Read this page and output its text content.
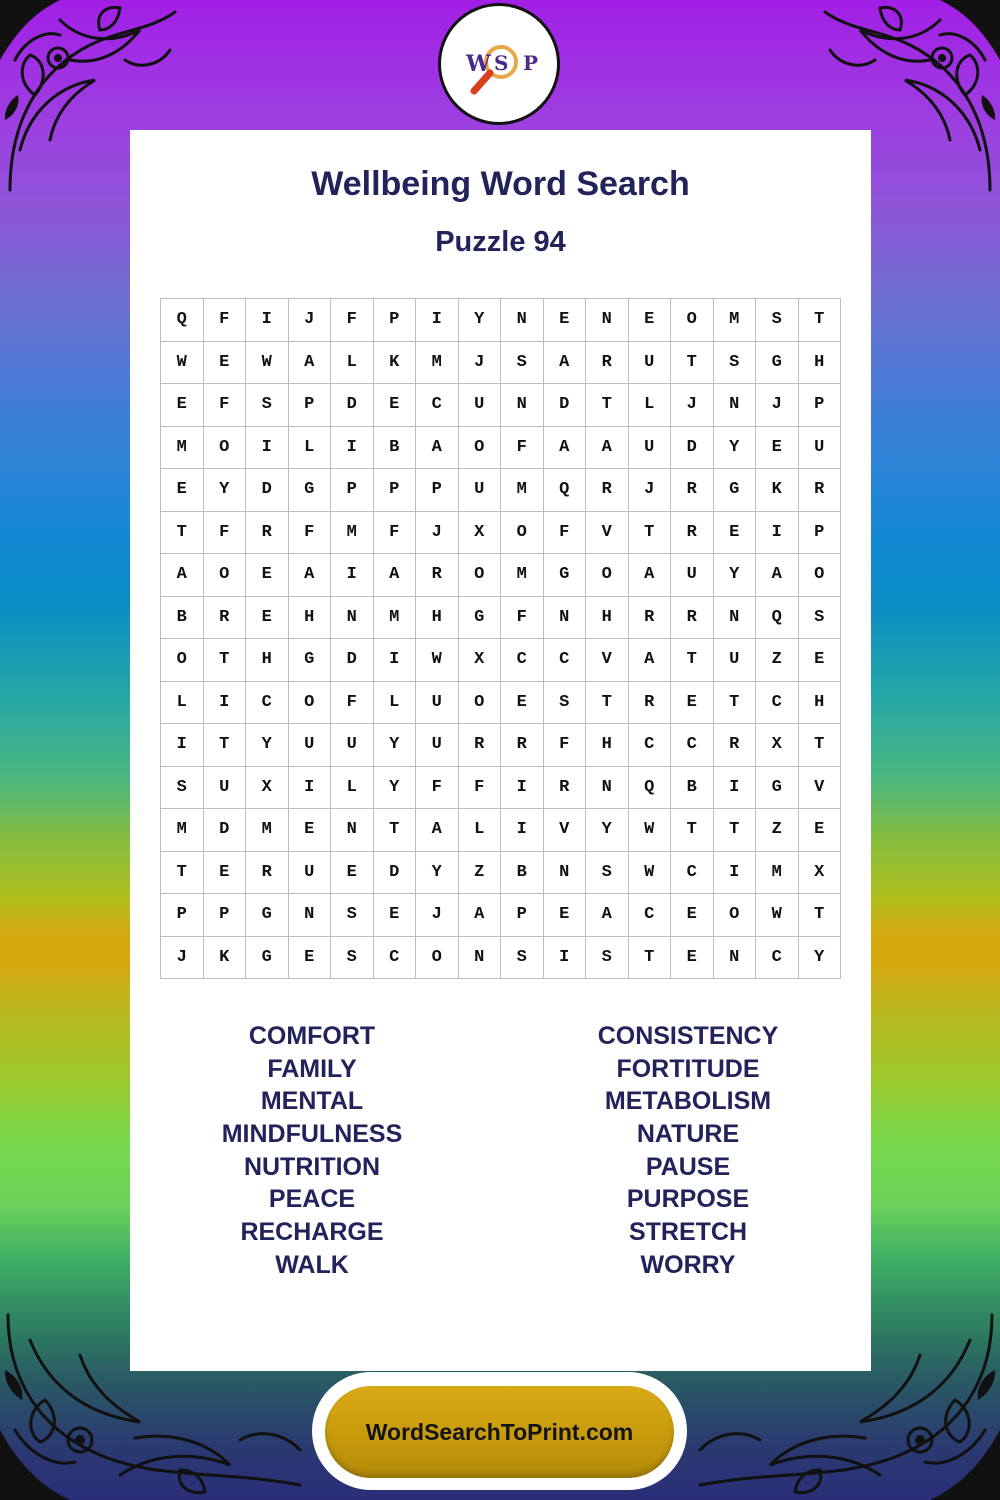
W S P
Wellbeing Word Search
Puzzle 94
Q	F	I	J	F	P	I	Y	N	E	N	E	O	M	S	T
W	E	W	A	L	K	M	J	S	A	R	U	T	S	G	H
E	F	S	P	D	E	C	U	N	D	T	L	J	N	J	P
M	O	I	L	I	B	A	O	F	A	A	U	D	Y	E	U
E	Y	D	G	P	P	P	U	M	Q	R	J	R	G	K	R
T	F	R	F	M	F	J	X	O	F	V	T	R	E	I	P
A	O	E	A	I	A	R	O	M	G	O	A	U	Y	A	O
B	R	E	H	N	M	H	G	F	N	H	R	R	N	Q	S
O	T	H	G	D	I	W	X	C	C	V	A	T	U	Z	E
L	I	C	O	F	L	U	O	E	S	T	R	E	T	C	H
I	T	Y	U	U	Y	U	R	R	F	H	C	C	R	X	T
S	U	X	I	L	Y	F	F	I	R	N	Q	B	I	G	V
M	D	M	E	N	T	A	L	I	V	Y	W	T	T	Z	E
T	E	R	U	E	D	Y	Z	B	N	S	W	C	I	M	X
P	P	G	N	S	E	J	A	P	E	A	C	E	O	W	T
J	K	G	E	S	C	O	N	S	I	S	T	E	N	C	Y
COMFORT
FAMILY
MENTAL
MINDFULNESS
NUTRITION
PEACE
RECHARGE
WALK
CONSISTENCY
FORTITUDE
METABOLISM
NATURE
PAUSE
PURPOSE
STRETCH
WORRY
WordSearchToPrint.com
